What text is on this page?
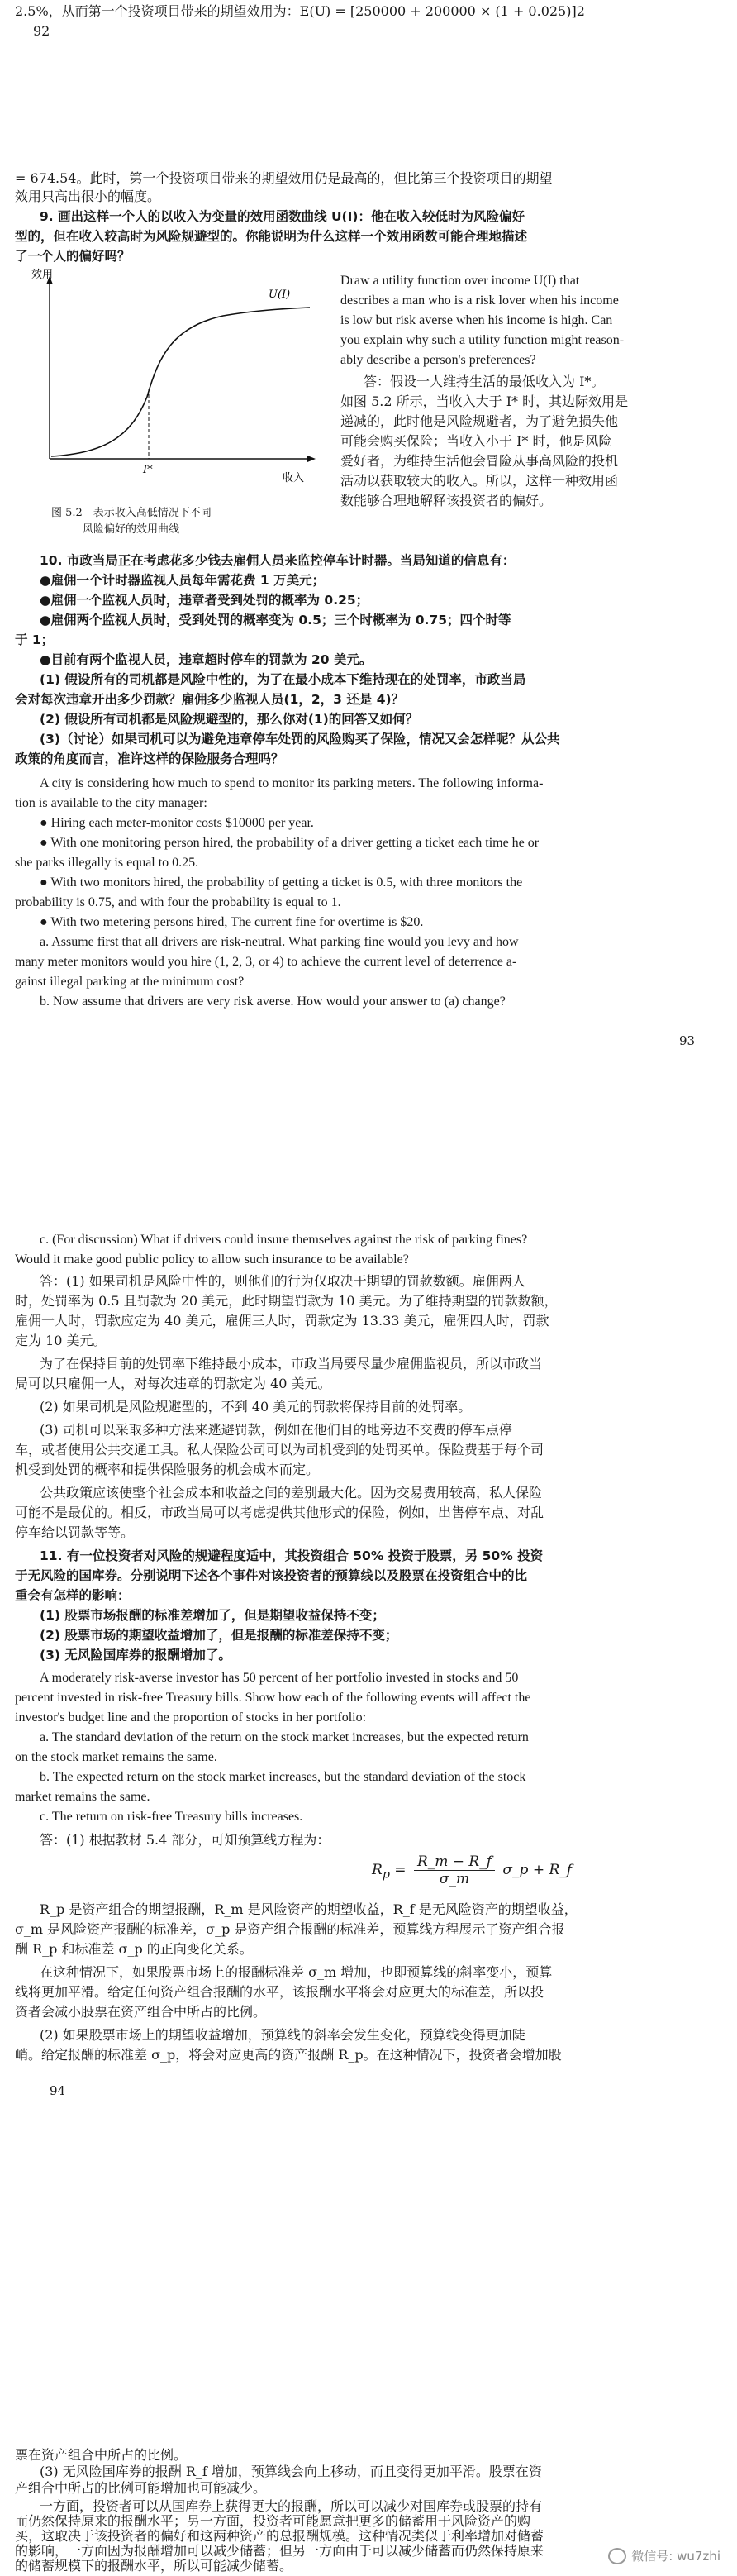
2.5%，从而第一个投资项目带来的期望效用为：E(U) = [250000 + 200000 × (1 + 0.025)]2
92
= 674.54。此时，第一个投资项目带来的期望效用仍是最高的，但比第三个投资项目的期望
效用只高出很小的幅度。
9. 画出这样一个人的以收入为变量的效用函数曲线 U(I)：他在收入较低时为风险偏好
型的，但在收入较高时为风险规避型的。你能说明为什么这样一个效用函数可能合理地描述
了一个人的偏好吗？
效用
U(I)
I*
收入
图 5.2　表示收入高低情况下不同
风险偏好的效用曲线
Draw a utility function over income U(I) that
describes a man who is a risk lover when his income
is low but risk averse when his income is high. Can
you explain why such a utility function might reason-
ably describe a person's preferences?
答：假设一人维持生活的最低收入为 I*。
如图 5.2 所示，当收入大于 I* 时，其边际效用是
递减的，此时他是风险规避者，为了避免损失他
可能会购买保险；当收入小于 I* 时，他是风险
爱好者，为维持生活他会冒险从事高风险的投机
活动以获取较大的收入。所以，这样一种效用函
数能够合理地解释该投资者的偏好。
10. 市政当局正在考虑花多少钱去雇佣人员来监控停车计时器。当局知道的信息有：
●雇佣一个计时器监视人员每年需花费 1 万美元；
●雇佣一个监视人员时，违章者受到处罚的概率为 0.25；
●雇佣两个监视人员时，受到处罚的概率变为 0.5；三个时概率为 0.75；四个时等
于 1；
●目前有两个监视人员，违章超时停车的罚款为 20 美元。
(1) 假设所有的司机都是风险中性的，为了在最小成本下维持现在的处罚率，市政当局
会对每次违章开出多少罚款？雇佣多少监视人员(1，2，3 还是 4)？
(2) 假设所有司机都是风险规避型的，那么你对(1)的回答又如何？
(3)（讨论）如果司机可以为避免违章停车处罚的风险购买了保险，情况又会怎样呢？从公共
政策的角度而言，准许这样的保险服务合理吗？
A city is considering how much to spend to monitor its parking meters. The following informa-
tion is available to the city manager:
● Hiring each meter-monitor costs $10000 per year.
● With one monitoring person hired, the probability of a driver getting a ticket each time he or
she parks illegally is equal to 0.25.
● With two monitors hired, the probability of getting a ticket is 0.5, with three monitors the
probability is 0.75, and with four the probability is equal to 1.
● With two metering persons hired, The current fine for overtime is $20.
a. Assume first that all drivers are risk-neutral. What parking fine would you levy and how
many meter monitors would you hire (1, 2, 3, or 4) to achieve the current level of deterrence a-
gainst illegal parking at the minimum cost?
b. Now assume that drivers are very risk averse. How would your answer to (a) change?
93
c. (For discussion) What if drivers could insure themselves against the risk of parking fines?
Would it make good public policy to allow such insurance to be available?
答：(1) 如果司机是风险中性的，则他们的行为仅取决于期望的罚款数额。雇佣两人
时，处罚率为 0.5 且罚款为 20 美元，此时期望罚款为 10 美元。为了维持期望的罚款数额，
雇佣一人时，罚款应定为 40 美元，雇佣三人时，罚款定为 13.33 美元，雇佣四人时，罚款
定为 10 美元。
为了在保持目前的处罚率下维持最小成本，市政当局要尽量少雇佣监视员，所以市政当
局可以只雇佣一人，对每次违章的罚款定为 40 美元。
(2) 如果司机是风险规避型的，不到 40 美元的罚款将保持目前的处罚率。
(3) 司机可以采取多种方法来逃避罚款，例如在他们目的地旁边不交费的停车点停
车，或者使用公共交通工具。私人保险公司可以为司机受到的处罚买单。保险费基于每个司
机受到处罚的概率和提供保险服务的机会成本而定。
公共政策应该使整个社会成本和收益之间的差别最大化。因为交易费用较高，私人保险
可能不是最优的。相反，市政当局可以考虑提供其他形式的保险，例如，出售停车点、对乱
停车给以罚款等等。
11. 有一位投资者对风险的规避程度适中，其投资组合 50% 投资于股票，另 50% 投资
于无风险的国库券。分别说明下述各个事件对该投资者的预算线以及股票在投资组合中的比
重会有怎样的影响：
(1) 股票市场报酬的标准差增加了，但是期望收益保持不变；
(2) 股票市场的期望收益增加了，但是报酬的标准差保持不变；
(3) 无风险国库券的报酬增加了。
A moderately risk-averse investor has 50 percent of her portfolio invested in stocks and 50
percent invested in risk-free Treasury bills. Show how each of the following events will affect the
investor's budget line and the proportion of stocks in her portfolio:
a. The standard deviation of the return on the stock market increases, but the expected return
on the stock market remains the same.
b. The expected return on the stock market increases, but the standard deviation of the stock
market remains the same.
c. The return on risk-free Treasury bills increases.
答：(1) 根据教材 5.4 部分，可知预算线方程为：
$R_p = \frac{R\_m - R\_f}{\sigma\_m}$ σ_p + R_f
R_p 是资产组合的期望报酬，R_m 是风险资产的期望收益，R_f 是无风险资产的期望收益，
σ_m 是风险资产报酬的标准差，σ_p 是资产组合报酬的标准差，预算线方程展示了资产组合报
酬 R_p 和标准差 σ_p 的正向变化关系。
在这种情况下，如果股票市场上的报酬标准差 σ_m 增加，也即预算线的斜率变小，预算
线将更加平滑。给定任何资产组合报酬的水平，该报酬水平将会对应更大的标准差，所以投
资者会减小股票在资产组合中所占的比例。
(2) 如果股票市场上的期望收益增加，预算线的斜率会发生变化，预算线变得更加陡
峭。给定报酬的标准差 σ_p，将会对应更高的资产报酬 R_p。在这种情况下，投资者会增加股
94
票在资产组合中所占的比例。
(3) 无风险国库券的报酬 R_f 增加，预算线会向上移动，而且变得更加平滑。股票在资
产组合中所占的比例可能增加也可能减少。
一方面，投资者可以从国库券上获得更大的报酬，所以可以减少对国库券或股票的持有
而仍然保持原来的报酬水平；另一方面，投资者可能愿意把更多的储蓄用于风险资产的购
买，这取决于该投资者的偏好和这两种资产的总报酬规模。这种情况类似于利率增加对储蓄
的影响，一方面因为报酬增加可以减少储蓄；但另一方面由于可以减少储蓄而仍然保持原来
的储蓄规模下的报酬水平，所以可能减少储蓄。
微信号: wu7zhi
